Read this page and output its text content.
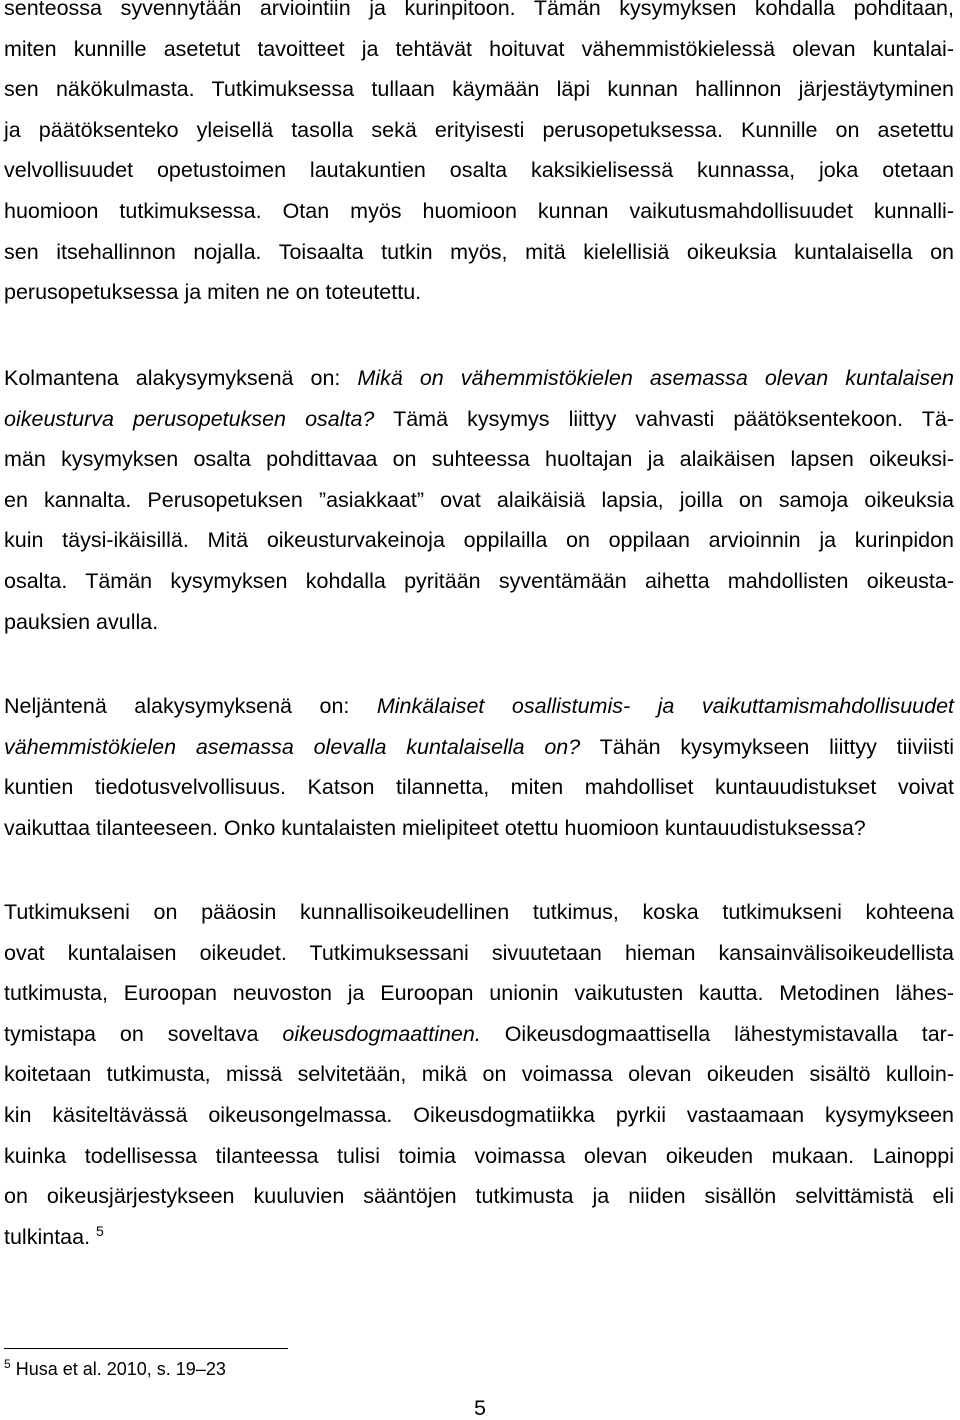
senteossa syvennytään arviointiin ja kurinpitoon. Tämän kysymyksen kohdalla pohditaan,
miten kunnille asetetut tavoitteet ja tehtävät hoituvat vähemmistökielessä olevan kuntalai-
sen näkökulmasta. Tutkimuksessa tullaan käymään läpi kunnan hallinnon järjestäytyminen
ja päätöksenteko yleisellä tasolla sekä erityisesti perusopetuksessa. Kunnille on asetettu
velvollisuudet opetustoimen lautakuntien osalta kaksikielisessä kunnassa, joka otetaan
huomioon tutkimuksessa. Otan myös huomioon kunnan vaikutusmahdollisuudet kunnalli-
sen itsehallinnon nojalla. Toisaalta tutkin myös, mitä kielellisiä oikeuksia kuntalaisella on
perusopetuksessa ja miten ne on toteutettu.
Kolmantena alakysymyksenä on: Mikä on vähemmistökielen asemassa olevan kuntalaisen
oikeusturva perusopetuksen osalta? Tämä kysymys liittyy vahvasti päätöksentekoon. Tä-
män kysymyksen osalta pohdittavaa on suhteessa huoltajan ja alaikäisen lapsen oikeuksi-
en kannalta. Perusopetuksen ”asiakkaat” ovat alaikäisiä lapsia, joilla on samoja oikeuksia
kuin täysi-ikäisillä. Mitä oikeusturvakeinoja oppilailla on oppilaan arvioinnin ja kurinpidon
osalta. Tämän kysymyksen kohdalla pyritään syventämään aihetta mahdollisten oikeusta-
pauksien avulla.
Neljäntenä alakysymyksenä on: Minkälaiset osallistumis- ja vaikuttamismahdollisuudet
vähemmistökielen asemassa olevalla kuntalaisella on? Tähän kysymykseen liittyy tiiviisti
kuntien tiedotusvelvollisuus. Katson tilannetta, miten mahdolliset kuntauudistukset voivat
vaikuttaa tilanteeseen. Onko kuntalaisten mielipiteet otettu huomioon kuntauudistuksessa?
Tutkimukseni on pääosin kunnallisoikeudellinen tutkimus, koska tutkimukseni kohteena
ovat kuntalaisen oikeudet. Tutkimuksessani sivuutetaan hieman kansainvälisoikeudellista
tutkimusta, Euroopan neuvoston ja Euroopan unionin vaikutusten kautta. Metodinen lähes-
tymistapa on soveltava oikeusdogmaattinen. Oikeusdogmaattisella lähestymistavalla tar-
koitetaan tutkimusta, missä selvitetään, mikä on voimassa olevan oikeuden sisältö kulloin-
kin käsiteltävässä oikeusongelmassa. Oikeusdogmatiikka pyrkii vastaamaan kysymykseen
kuinka todellisessa tilanteessa tulisi toimia voimassa olevan oikeuden mukaan. Lainoppi
on oikeusjärjestykseen kuuluvien sääntöjen tutkimusta ja niiden sisällön selvittämistä eli
tulkintaa. $^5$
$^5$ Husa et al. 2010, s. 19–23
5
